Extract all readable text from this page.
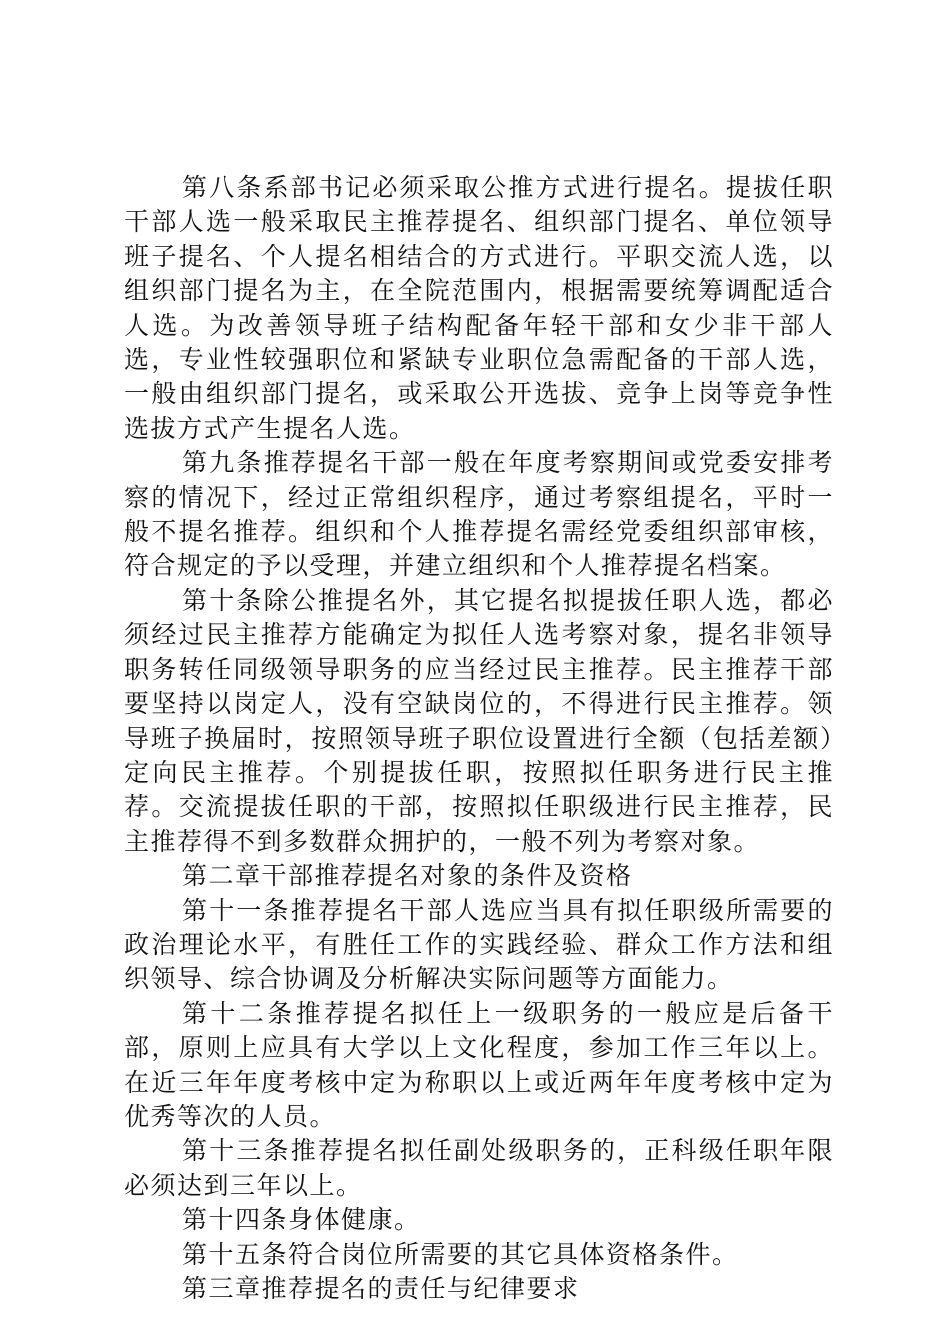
第八条系部书记必须采取公推方式进行提名。提拔任职干部人选一般采取民主推荐提名、组织部门提名、单位领导班子提名、个人提名相结合的方式进行。平职交流人选，以组织部门提名为主，在全院范围内，根据需要统筹调配适合人选。为改善领导班子结构配备年轻干部和女少非干部人选，专业性较强职位和紧缺专业职位急需配备的干部人选，一般由组织部门提名，或采取公开选拔、竞争上岗等竞争性选拔方式产生提名人选。

第九条推荐提名干部一般在年度考察期间或党委安排考察的情况下，经过正常组织程序，通过考察组提名，平时一般不提名推荐。组织和个人推荐提名需经党委组织部审核，符合规定的予以受理，并建立组织和个人推荐提名档案。

第十条除公推提名外，其它提名拟提拔任职人选，都必须经过民主推荐方能确定为拟任人选考察对象，提名非领导职务转任同级领导职务的应当经过民主推荐。民主推荐干部要坚持以岗定人，没有空缺岗位的，不得进行民主推荐。领导班子换届时，按照领导班子职位设置进行全额（包括差额）定向民主推荐。个别提拔任职，按照拟任职务进行民主推荐。交流提拔任职的干部，按照拟任职级进行民主推荐，民主推荐得不到多数群众拥护的，一般不列为考察对象。

第二章干部推荐提名对象的条件及资格

第十一条推荐提名干部人选应当具有拟任职级所需要的政治理论水平，有胜任工作的实践经验、群众工作方法和组织领导、综合协调及分析解决实际问题等方面能力。

第十二条推荐提名拟任上一级职务的一般应是后备干部，原则上应具有大学以上文化程度，参加工作三年以上。在近三年年度考核中定为称职以上或近两年年度考核中定为优秀等次的人员。

第十三条推荐提名拟任副处级职务的，正科级任职年限必须达到三年以上。

第十四条身体健康。

第十五条符合岗位所需要的其它具体资格条件。

第三章推荐提名的责任与纪律要求
